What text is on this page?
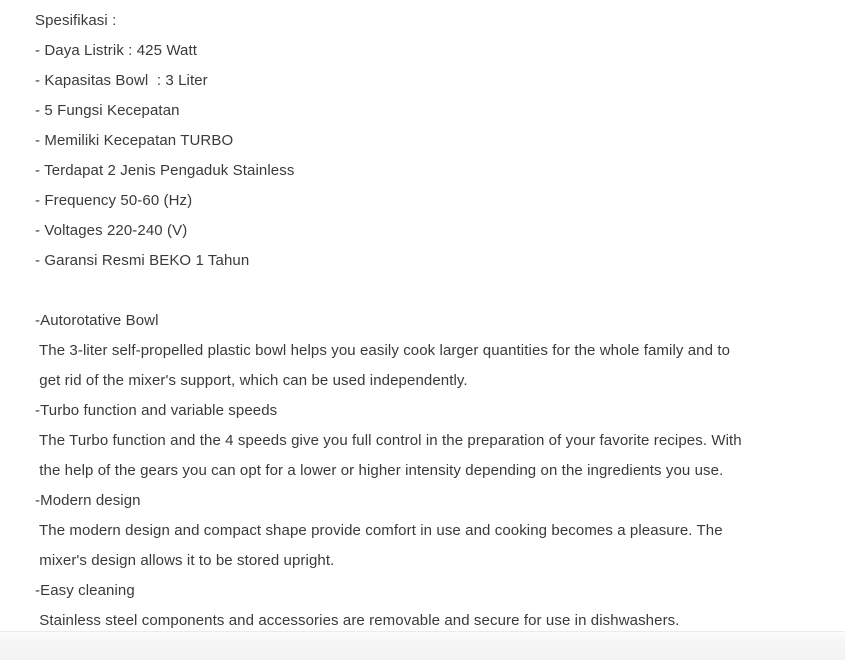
Spesifikasi :
- Daya Listrik : 425 Watt
- Kapasitas Bowl  : 3 Liter
- 5 Fungsi Kecepatan
- Memiliki Kecepatan TURBO
- Terdapat 2 Jenis Pengaduk Stainless
- Frequency 50-60 (Hz)
- Voltages 220-240 (V)
- Garansi Resmi BEKO 1 Tahun
-Autorotative Bowl
The 3-liter self-propelled plastic bowl helps you easily cook larger quantities for the whole family and to
get rid of the mixer's support, which can be used independently.
-Turbo function and variable speeds
The Turbo function and the 4 speeds give you full control in the preparation of your favorite recipes. With
the help of the gears you can opt for a lower or higher intensity depending on the ingredients you use.
-Modern design
The modern design and compact shape provide comfort in use and cooking becomes a pleasure. The
mixer's design allows it to be stored upright.
-Easy cleaning
Stainless steel components and accessories are removable and secure for use in dishwashers.
